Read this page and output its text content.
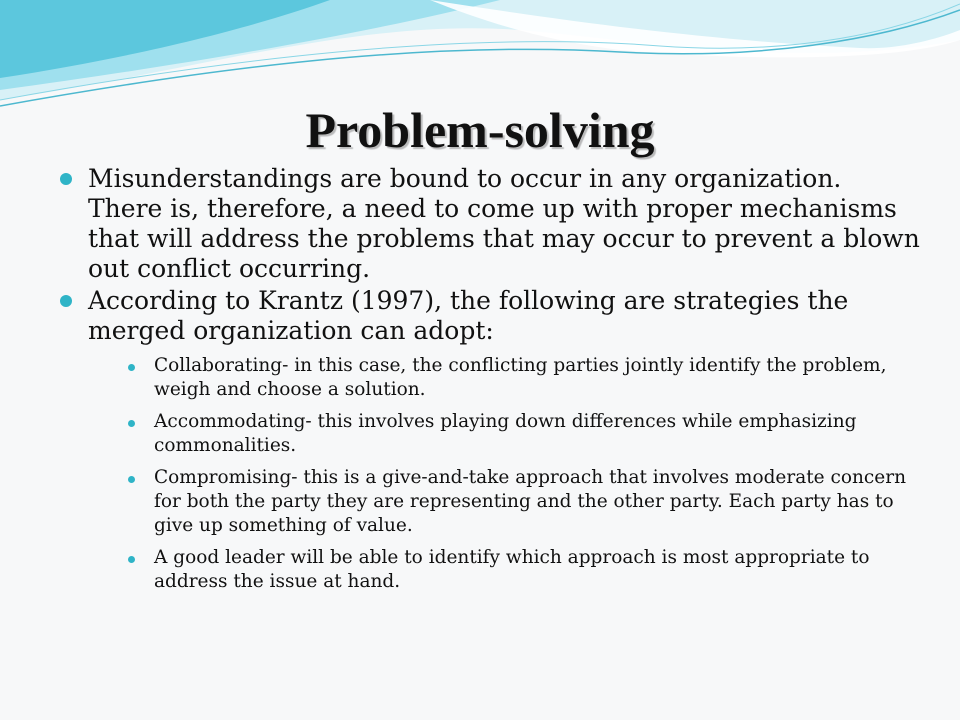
Problem-solving
Misunderstandings are bound to occur in any organization. There is, therefore, a need to come up with proper mechanisms that will address the problems that may occur to prevent a blown out conflict occurring.
According to Krantz (1997), the following are strategies the merged organization can adopt:
Collaborating- in this case, the conflicting parties jointly identify the problem, weigh and choose a solution.
Accommodating- this involves playing down differences while emphasizing commonalities.
Compromising- this is a give-and-take approach that involves moderate concern for both the party they are representing and the other party. Each party has to give up something of value.
A good leader will be able to identify which approach is most appropriate to address the issue at hand.
